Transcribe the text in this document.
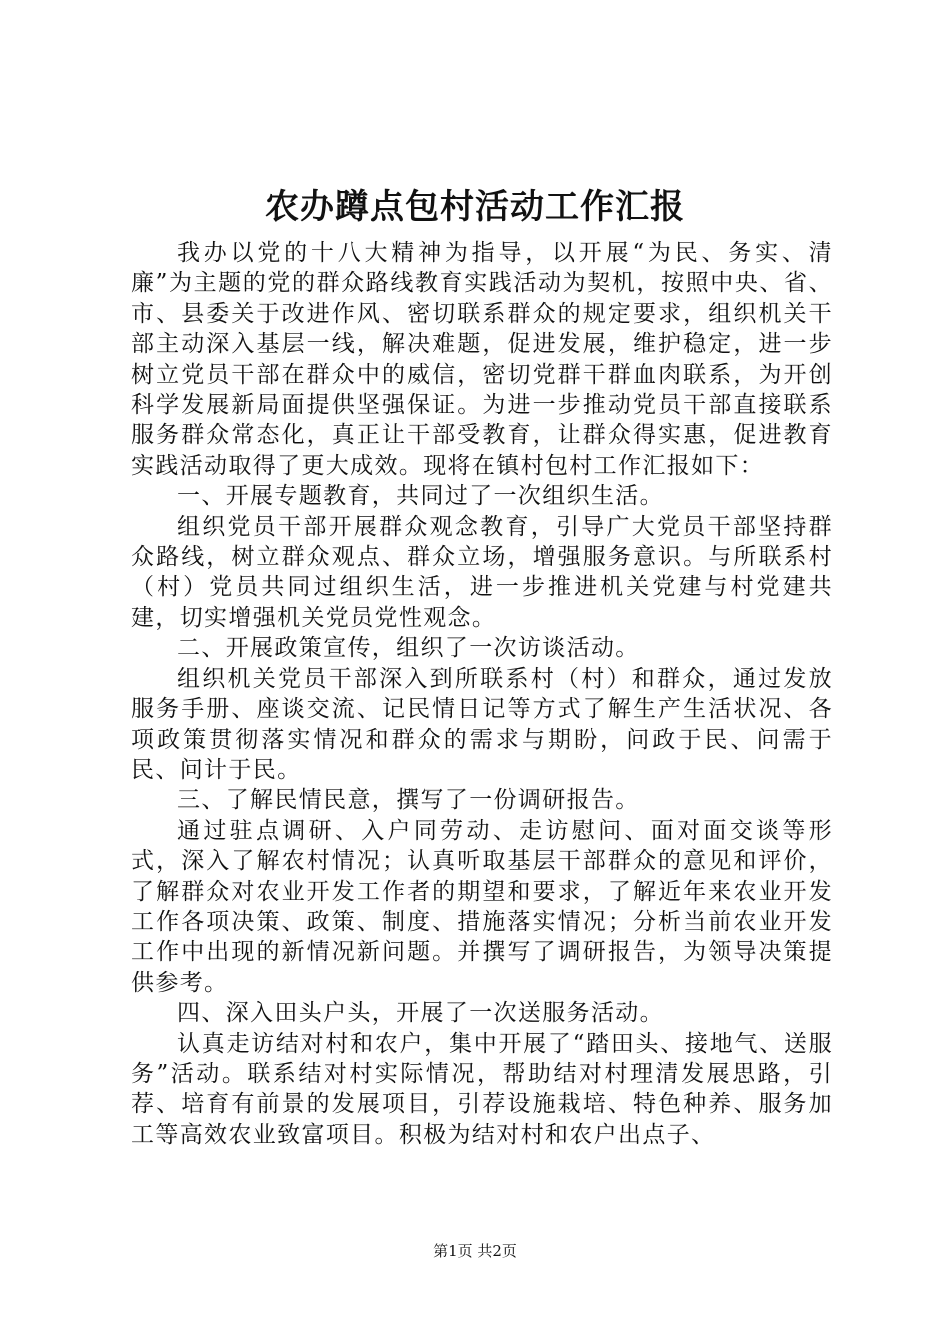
农办蹲点包村活动工作汇报

我办以党的十八大精神为指导，以开展“为民、务实、清廉”为主题的党的群众路线教育实践活动为契机，按照中央、省、市、县委关于改进作风、密切联系群众的规定要求，组织机关干部主动深入基层一线，解决难题，促进发展，维护稳定，进一步树立党员干部在群众中的威信，密切党群干群血肉联系，为开创科学发展新局面提供坚强保证。为进一步推动党员干部直接联系服务群众常态化，真正让干部受教育，让群众得实惠，促进教育实践活动取得了更大成效。现将在镇村包村工作汇报如下：

一、开展专题教育，共同过了一次组织生活。

组织党员干部开展群众观念教育，引导广大党员干部坚持群众路线，树立群众观点、群众立场，增强服务意识。与所联系村（村）党员共同过组织生活，进一步推进机关党建与村党建共建，切实增强机关党员党性观念。

二、开展政策宣传，组织了一次访谈活动。

组织机关党员干部深入到所联系村（村）和群众，通过发放服务手册、座谈交流、记民情日记等方式了解生产生活状况、各项政策贯彻落实情况和群众的需求与期盼，问政于民、问需于民、问计于民。

三、了解民情民意，撰写了一份调研报告。

通过驻点调研、入户同劳动、走访慰问、面对面交谈等形式，深入了解农村情况；认真听取基层干部群众的意见和评价，了解群众对农业开发工作者的期望和要求，了解近年来农业开发工作各项决策、政策、制度、措施落实情况；分析当前农业开发工作中出现的新情况新问题。并撰写了调研报告，为领导决策提供参考。

四、深入田头户头，开展了一次送服务活动。

认真走访结对村和农户，集中开展了“踏田头、接地气、送服务”活动。联系结对村实际情况，帮助结对村理清发展思路，引荐、培育有前景的发展项目，引荐设施栽培、特色种养、服务加工等高效农业致富项目。积极为结对村和农户出点子、

第1页 共2页
